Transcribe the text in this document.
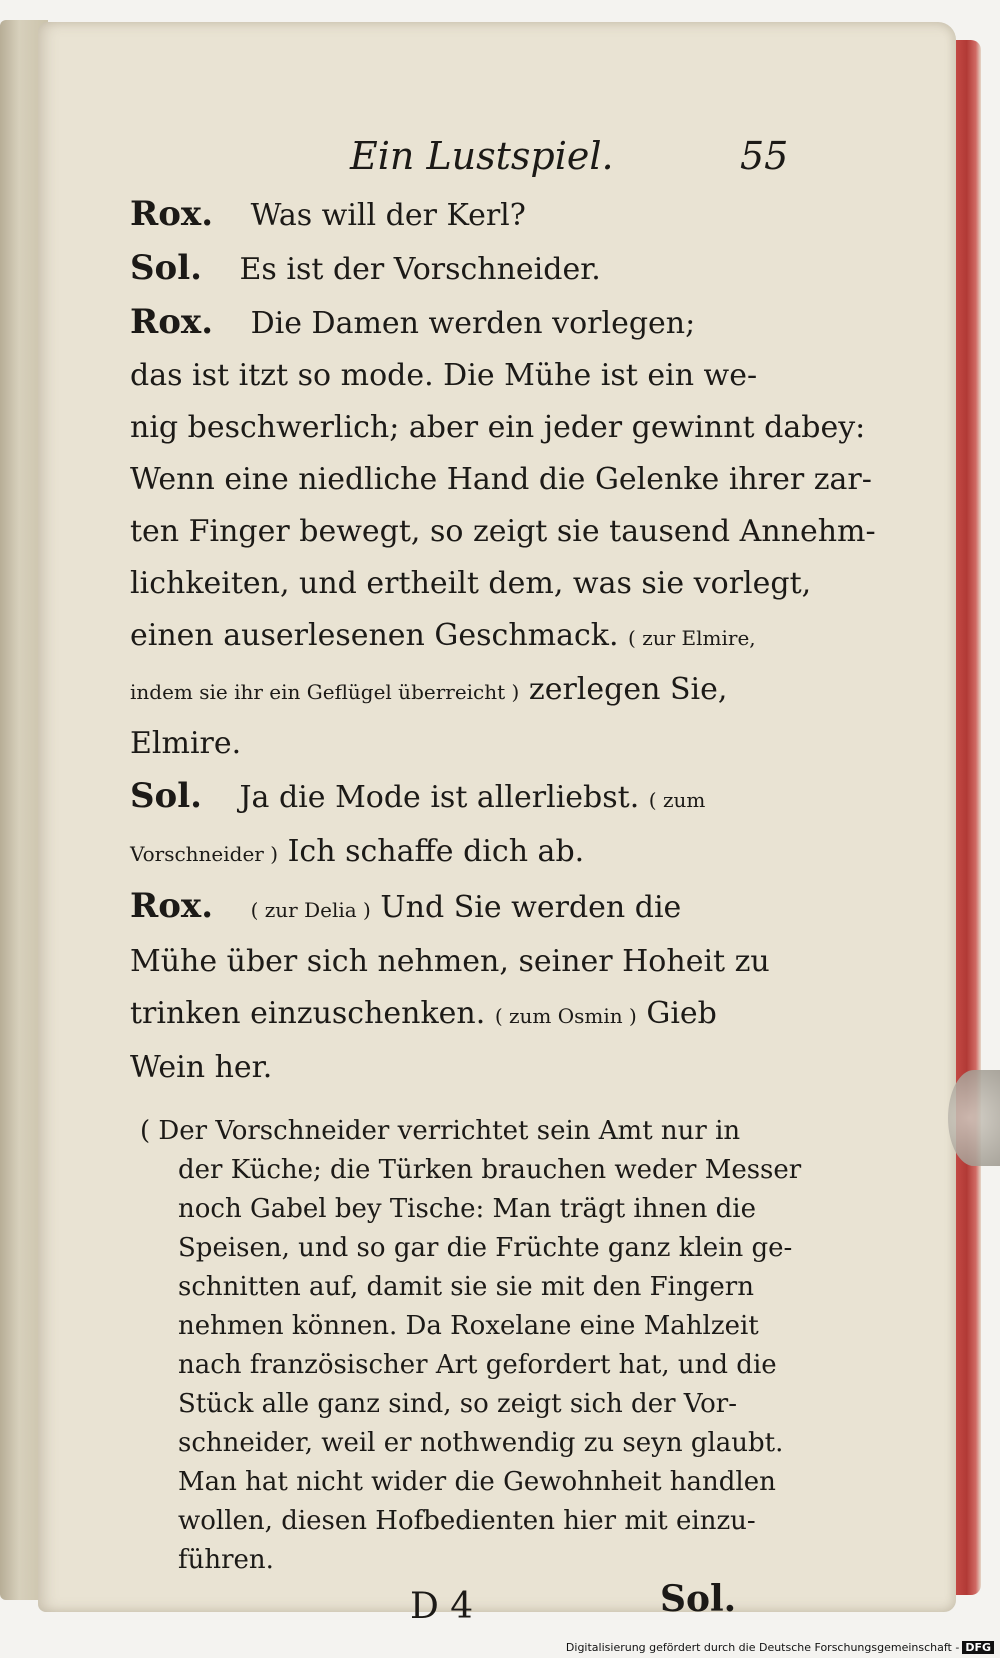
Ein Lustspiel.	55
Rox. Was will der Kerl?
Sol. Es ist der Vorschneider.
Rox. Die Damen werden vorlegen;
das ist itzt so mode. Die Mühe ist ein we-
nig beschwerlich; aber ein jeder gewinnt dabey:
Wenn eine niedliche Hand die Gelenke ihrer zar-
ten Finger bewegt, so zeigt sie tausend Annehm-
lichkeiten, und ertheilt dem, was sie vorlegt,
einen auserlesenen Geschmack. ( zur Elmire,
indem sie ihr ein Geflügel überreicht ) zerlegen Sie,
Elmire.
Sol. Ja die Mode ist allerliebst. ( zum
Vorschneider ) Ich schaffe dich ab.
Rox. ( zur Delia ) Und Sie werden die
Mühe über sich nehmen, seiner Hoheit zu
trinken einzuschenken. ( zum Osmin ) Gieb
Wein her.
( Der Vorschneider verrichtet sein Amt nur in
der Küche; die Türken brauchen weder Messer
noch Gabel bey Tische: Man trägt ihnen die
Speisen, und so gar die Früchte ganz klein ge-
schnitten auf, damit sie sie mit den Fingern
nehmen können. Da Roxelane eine Mahlzeit
nach französischer Art gefordert hat, und die
Stück alle ganz sind, so zeigt sich der Vor-
schneider, weil er nothwendig zu seyn glaubt.
Man hat nicht wider die Gewohnheit handlen
wollen, diesen Hofbedienten hier mit einzu-
führen.
D 4	Sol.
Digitalisierung gefördert durch die Deutsche Forschungsgemeinschaft - DFG
